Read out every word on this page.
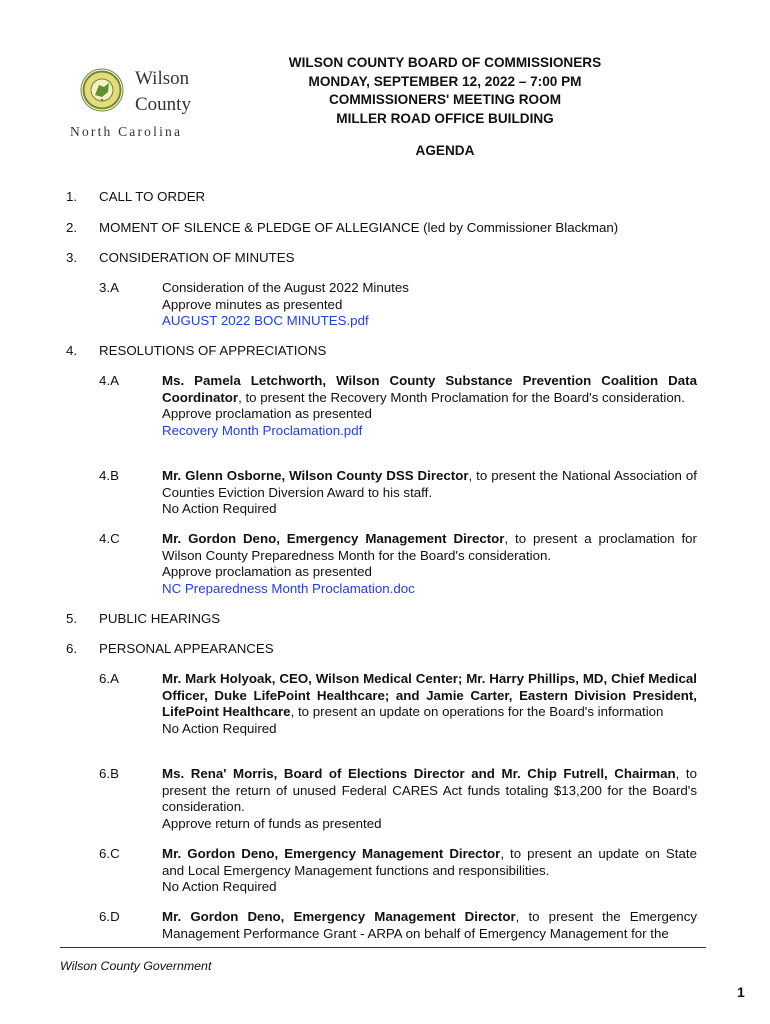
Wilson
County
North Carolina
WILSON COUNTY BOARD OF COMMISSIONERS
MONDAY, SEPTEMBER 12, 2022 – 7:00 PM
COMMISSIONERS' MEETING ROOM
MILLER ROAD OFFICE BUILDING
AGENDA
1. CALL TO ORDER
2. MOMENT OF SILENCE & PLEDGE OF ALLEGIANCE (led by Commissioner Blackman)
3. CONSIDERATION OF MINUTES
3.A	Consideration of the August 2022 Minutes
Approve minutes as presented
AUGUST 2022 BOC MINUTES.pdf
4. RESOLUTIONS OF APPRECIATIONS
4.A	Ms. Pamela Letchworth, Wilson County Substance Prevention Coalition Data Coordinator, to present the Recovery Month Proclamation for the Board's consideration.
Approve proclamation as presented
Recovery Month Proclamation.pdf
4.B	Mr. Glenn Osborne, Wilson County DSS Director, to present the National Association of Counties Eviction Diversion Award to his staff.
No Action Required
4.C	Mr. Gordon Deno, Emergency Management Director, to present a proclamation for Wilson County Preparedness Month for the Board's consideration.
Approve proclamation as presented
NC Preparedness Month Proclamation.doc
5. PUBLIC HEARINGS
6. PERSONAL APPEARANCES
6.A	Mr. Mark Holyoak, CEO, Wilson Medical Center; Mr. Harry Phillips, MD, Chief Medical Officer, Duke LifePoint Healthcare; and Jamie Carter, Eastern Division President, LifePoint Healthcare, to present an update on operations for the Board's information
No Action Required
6.B	Ms. Rena' Morris, Board of Elections Director and Mr. Chip Futrell, Chairman, to present the return of unused Federal CARES Act funds totaling $13,200 for the Board's consideration.
Approve return of funds as presented
6.C	Mr. Gordon Deno, Emergency Management Director, to present an update on State and Local Emergency Management functions and responsibilities.
No Action Required
6.D	Mr. Gordon Deno, Emergency Management Director, to present the Emergency Management Performance Grant - ARPA on behalf of Emergency Management for the
Wilson County Government
1
